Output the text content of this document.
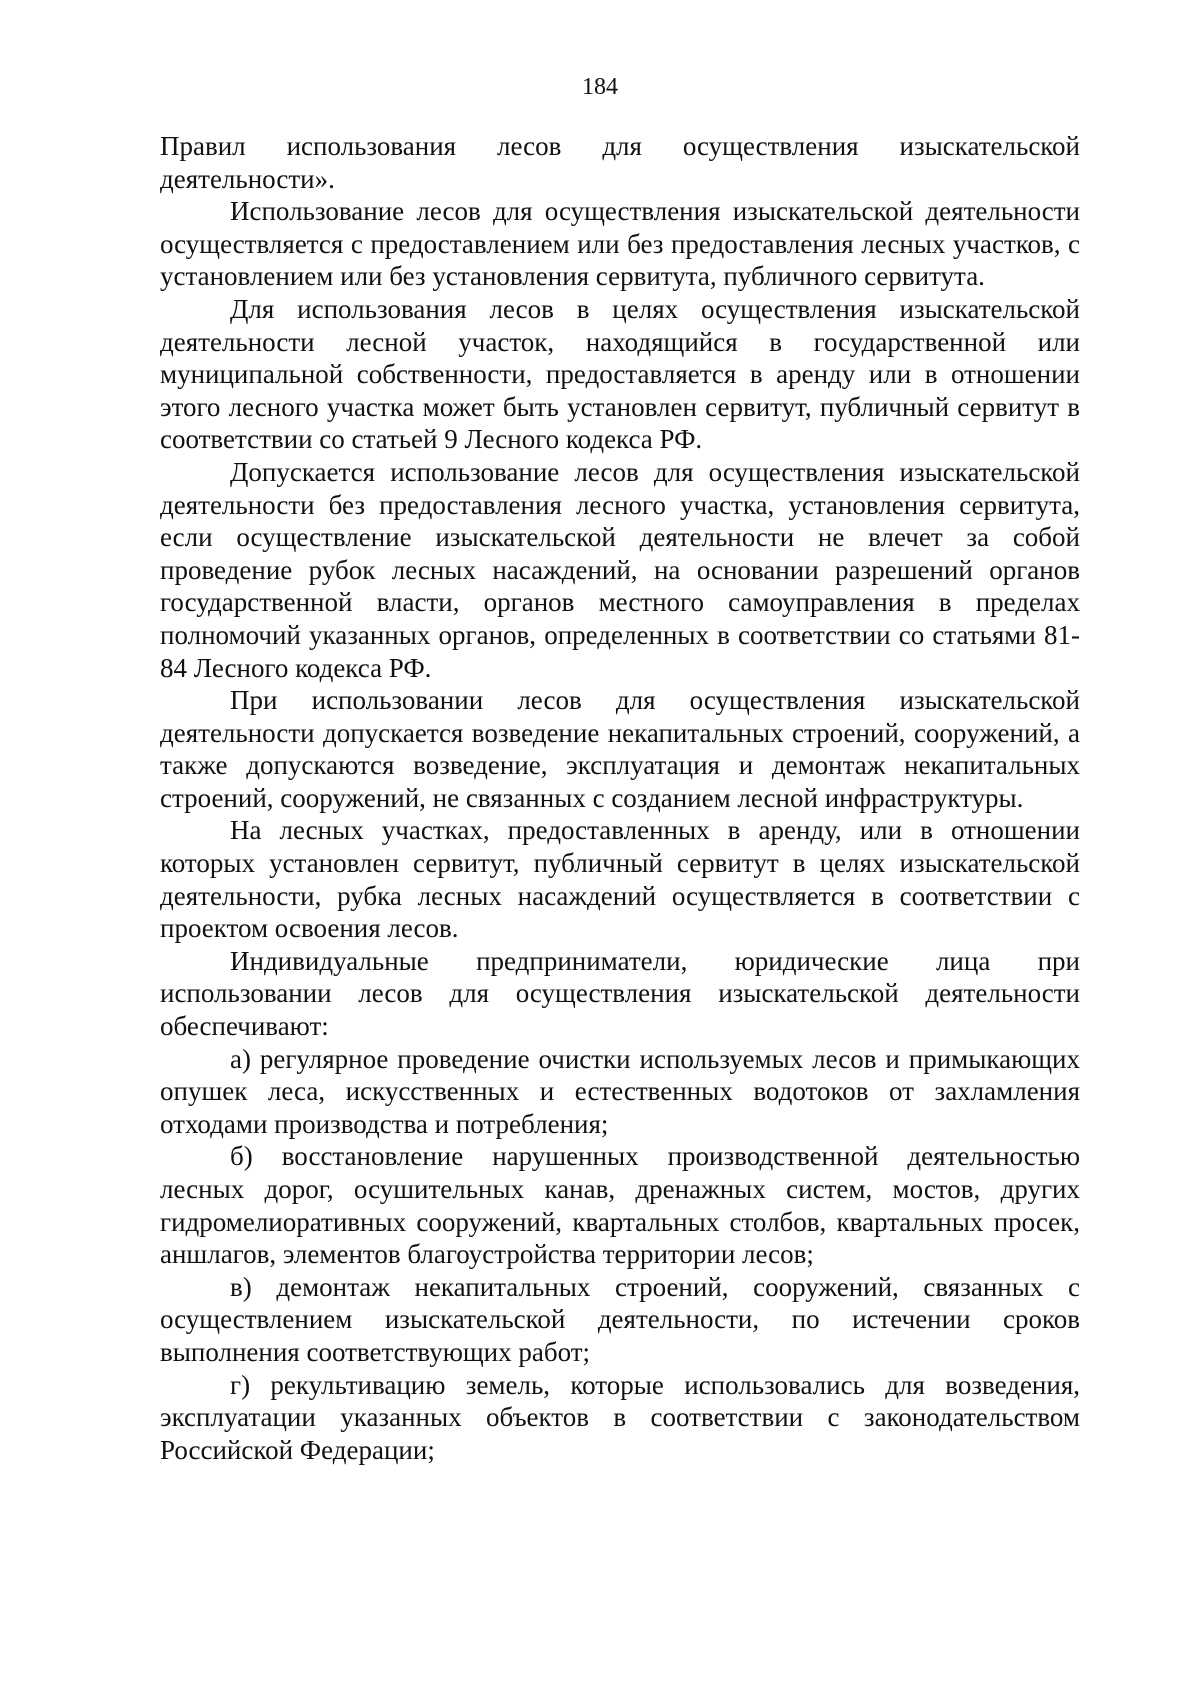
184

Правил использования лесов для осуществления изыскательской деятельности».

Использование лесов для осуществления изыскательской деятельности осуществляется с предоставлением или без предоставления лесных участков, с установлением или без установления сервитута, публичного сервитута.

Для использования лесов в целях осуществления изыскательской деятельности лесной участок, находящийся в государственной или муниципальной собственности, предоставляется в аренду или в отношении этого лесного участка может быть установлен сервитут, публичный сервитут в соответствии со статьей 9 Лесного кодекса РФ.

Допускается использование лесов для осуществления изыскательской деятельности без предоставления лесного участка, установления сервитута, если осуществление изыскательской деятельности не влечет за собой проведение рубок лесных насаждений, на основании разрешений органов государственной власти, органов местного самоуправления в пределах полномочий указанных органов, определенных в соответствии со статьями 81-84 Лесного кодекса РФ.

При использовании лесов для осуществления изыскательской деятельности допускается возведение некапитальных строений, сооружений, а также допускаются возведение, эксплуатация и демонтаж некапитальных строений, сооружений, не связанных с созданием лесной инфраструктуры.

На лесных участках, предоставленных в аренду, или в отношении которых установлен сервитут, публичный сервитут в целях изыскательской деятельности, рубка лесных насаждений осуществляется в соответствии с проектом освоения лесов.

Индивидуальные предприниматели, юридические лица при использовании лесов для осуществления изыскательской деятельности обеспечивают:

а) регулярное проведение очистки используемых лесов и примыкающих опушек леса, искусственных и естественных водотоков от захламления отходами производства и потребления;

б) восстановление нарушенных производственной деятельностью лесных дорог, осушительных канав, дренажных систем, мостов, других гидромелиоративных сооружений, квартальных столбов, квартальных просек, аншлагов, элементов благоустройства территории лесов;

в) демонтаж некапитальных строений, сооружений, связанных с осуществлением изыскательской деятельности, по истечении сроков выполнения соответствующих работ;

г) рекультивацию земель, которые использовались для возведения, эксплуатации указанных объектов в соответствии с законодательством Российской Федерации;
